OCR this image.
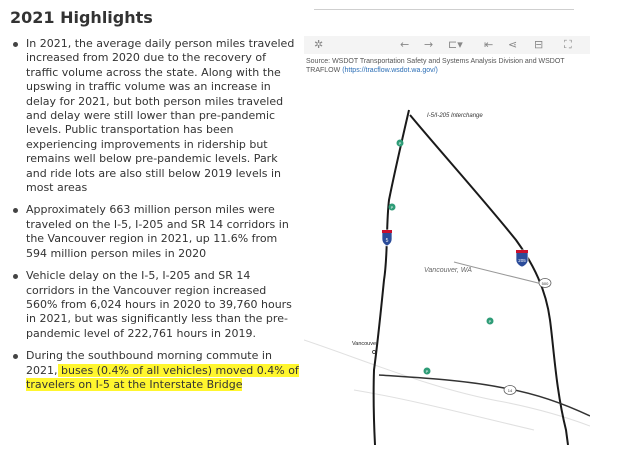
2021 Highlights
In 2021, the average daily person miles traveled increased from 2020 due to the recovery of traffic volume across the state. Along with the upswing in traffic volume was an increase in delay for 2021, but both person miles traveled and delay were still lower than pre-pandemic levels. Public transportation has been experiencing improvements in ridership but remains well below pre-pandemic levels. Park and ride lots are also still below 2019 levels in most areas
Approximately 663 million person miles were traveled on the I-5, I-205 and SR 14 corridors in the Vancouver region in 2021, up 11.6% from 594 million person miles in 2020
Vehicle delay on the I-5, I-205 and SR 14 corridors in the Vancouver region increased 560% from 6,024 hours in 2020 to 39,760 hours in 2021, but was significantly less than the pre-pandemic level of 222,761 hours in 2019.
During the southbound morning commute in 2021, buses (0.4% of all vehicles) moved 0.4% of travelers on I-5 at the Interstate Bridge
✲	← → ⊏▾ ⇤ ⋖ ⊟ ⛶
Source: WSDOT Transportation Safety and Systems Analysis Division and WSDOT TRAFLOW (https://tracflow.wsdot.wa.gov/)
5
205
500
14
P
P
P
P
I-5/I-205 Interchange
Vancouver, WA
Vancouver
